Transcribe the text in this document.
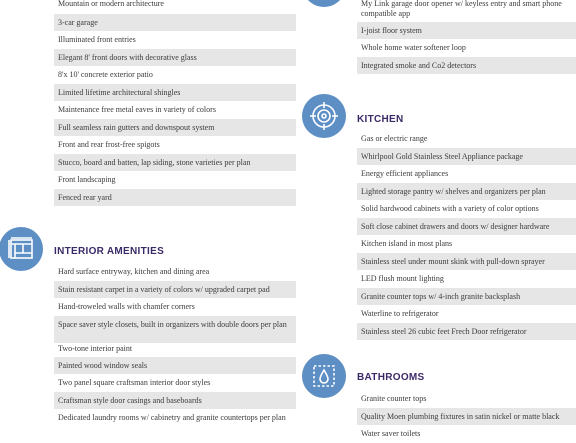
Mountain or modern architecture
3-car garage
Illuminated front entries
Elegant 8' front doors with decorative glass
8'x 10' concrete exterior patio
Limited lifetime architectural shingles
Maintenance free metal eaves in variety of colors
Full seamless rain gutters and downspout system
Front and rear frost-free spigots
Stucco, board and batten, lap siding, stone varieties per plan
Front landscaping
Fenced rear yard
My Link garage door opener w/ keyless entry and smart phone compatible app
I-joist floor system
Whole home water softener loop
Integrated smoke and Co2 detectors
INTERIOR AMENITIES
Hard surface entryway, kitchen and dining area
Stain resistant carpet in a variety of colors w/ upgraded carpet pad
Hand-troweled walls with chamfer corners
Space saver style closets, built in organizers with double doors per plan
Two-tone interior paint
Painted wood window seals
Two panel square craftsman interior door styles
Craftsman style door casings and baseboards
Dedicated laundry rooms w/ cabinetry and granite countertops per plan
KITCHEN
Gas or electric range
Whirlpool Gold Stainless Steel Appliance package
Energy efficient appliances
Lighted storage pantry w/ shelves and organizers per plan
Solid hardwood cabinets with a variety of color options
Soft close cabinet drawers and doors w/ designer hardware
Kitchen island in most plans
Stainless steel under mount skink with pull-down sprayer
LED flush mount lighting
Granite counter tops w/ 4-inch granite backsplash
Waterline to refrigerator
Stainless steel 26 cubic feet Frech Door refrigerator
BATHROOMS
Granite counter tops
Quality Moen plumbing fixtures in satin nickel or matte black
Water saver toilets
